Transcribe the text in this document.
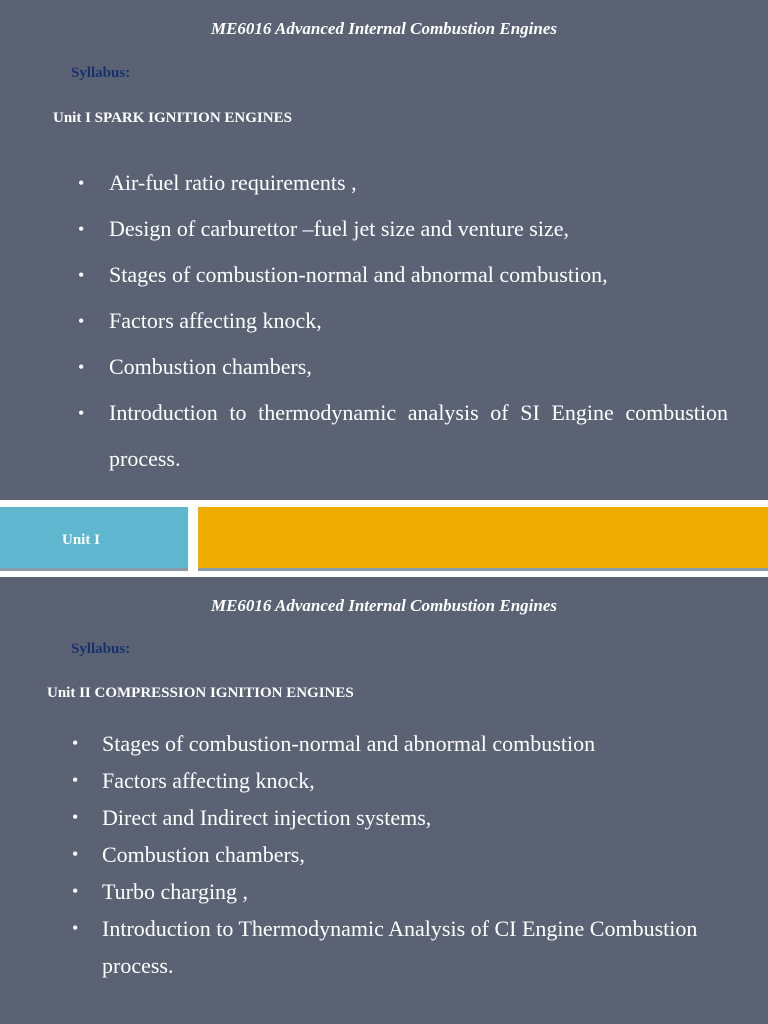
ME6016 Advanced Internal Combustion Engines
Syllabus:
Unit I SPARK IGNITION ENGINES
• Air-fuel ratio requirements ,
• Design of carburettor –fuel jet size and venture size,
• Stages of combustion-normal and abnormal combustion,
• Factors affecting knock,
• Combustion chambers,
• Introduction to thermodynamic analysis of SI Engine combustion process.
Unit I
ME6016 Advanced Internal Combustion Engines
Syllabus:
Unit II COMPRESSION IGNITION ENGINES
• Stages of combustion-normal and abnormal combustion
• Factors affecting knock,
• Direct and Indirect injection systems,
• Combustion chambers,
• Turbo charging ,
• Introduction to Thermodynamic Analysis of CI Engine Combustion process.
